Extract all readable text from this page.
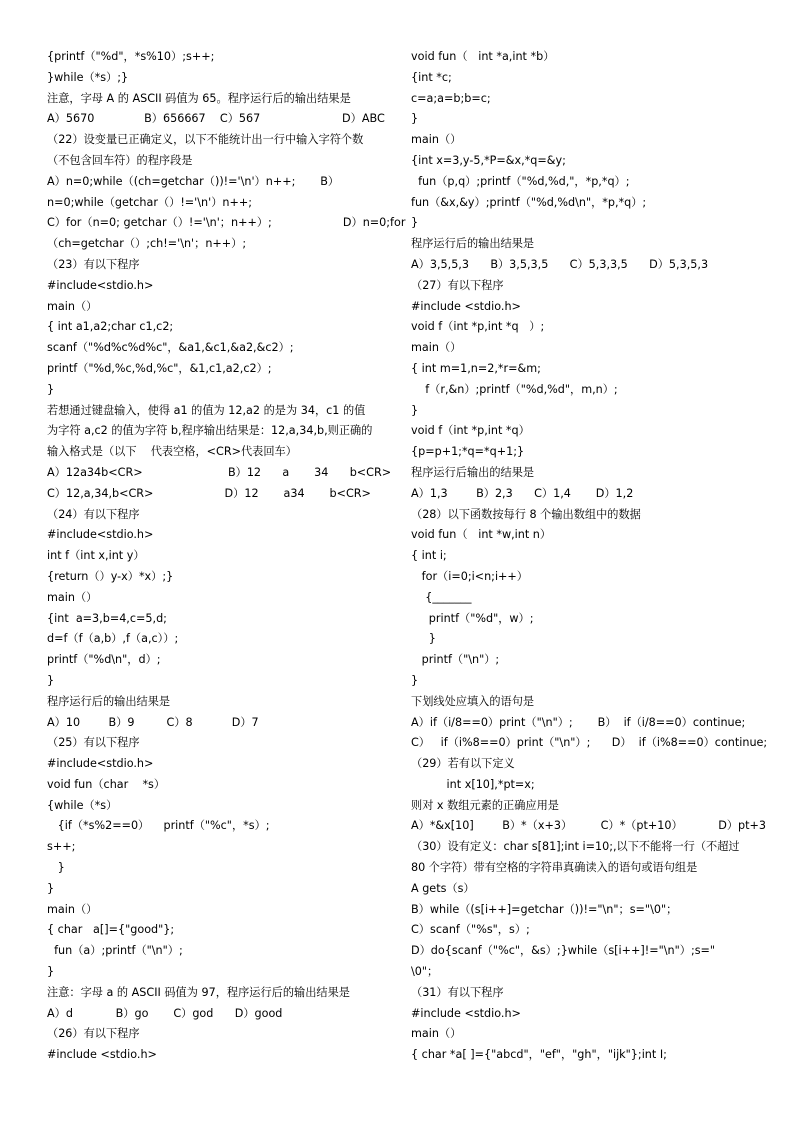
{printf（"%d"，*s%10）;s++;
}while（*s）;}
注意，字母 A 的 ASCII 码值为 65。程序运行后的输出结果是
A）5670              B）656667    C）567                       D）ABC
（22）设变量已正确定义，以下不能统计出一行中输入字符个数
（不包含回车符）的程序段是
A）n=0;while（(ch=getchar（))!='\n'）n++;       B）
n=0;while（getchar（）!='\n'）n++;
C）for（n=0; getchar（）!='\n'；n++）;                    D）n=0;for
（ch=getchar（）;ch!='\n'；n++）;
（23）有以下程序
#include<stdio.h>
main（）
{ int a1,a2;char c1,c2;
scanf（"%d%c%d%c"，&a1,&c1,&a2,&c2）;
printf（"%d,%c,%d,%c"，&1,c1,a2,c2）;
}
若想通过键盘输入，使得 a1 的值为 12,a2 的是为 34，c1 的值
为字符 a,c2 的值为字符 b,程序输出结果是：12,a,34,b,则正确的
输入格式是（以下    代表空格，<CR>代表回车）
A）12a34b<CR>                        B）12      a       34      b<CR>
C）12,a,34,b<CR>                    D）12       a34       b<CR>
（24）有以下程序
#include<stdio.h>
int f（int x,int y）
{return（）y-x）*x）;}
main（）
{int  a=3,b=4,c=5,d;
d=f（f（a,b）,f（a,c））;
printf（"%d\n"，d）;
}
程序运行后的输出结果是
A）10        B）9         C）8           D）7
（25）有以下程序
#include<stdio.h>
void fun（char    *s）
{while（*s）
{if（*s%2==0）    printf（"%c"，*s）;
s++;
}
}
main（）
{ char   a[]={"good"};
fun（a）;printf（"\n"）;
}
注意：字母 a 的 ASCII 码值为 97，程序运行后的输出结果是
A）d            B）go       C）god      D）good
（26）有以下程序
#include <stdio.h>
void fun（   int *a,int *b）
{int *c;
c=a;a=b;b=c;
}
main（）
{int x=3,y-5,*P=&x,*q=&y;
fun（p,q）;printf（"%d,%d,"，*p,*q）;
fun（&x,&y）;printf（"%d,%d\n"，*p,*q）;
}
程序运行后的输出结果是
A）3,5,5,3      B）3,5,3,5      C）5,3,3,5      D）5,3,5,3
（27）有以下程序
#include <stdio.h>
void f（int *p,int *q   ）;
main（）
{ int m=1,n=2,*r=&m;
f（r,&n）;printf（"%d,%d"，m,n）;
}
void f（int *p,int *q）
{p=p+1;*q=*q+1;}
程序运行后输出的结果是
A）1,3        B）2,3      C）1,4       D）1,2
（28）以下函数按每行 8 个输出数组中的数据
void fun（   int *w,int n）
{ int i;
for（i=0;i<n;i++）
{_______
printf（"%d"，w）;
}
printf（"\n"）;
}
下划线处应填入的语句是
A）if（i/8==0）print（"\n"）;       B）  if（i/8==0）continue;
C）   if（i%8==0）print（"\n"）;      D）  if（i%8==0）continue;
（29）若有以下定义
int x[10],*pt=x;
则对 x 数组元素的正确应用是
A）*&x[10]        B）*（x+3）        C）*（pt+10）          D）pt+3
（30）设有定义：char s[81];int i=10;,以下不能将一行（不超过
80 个字符）带有空格的字符串真确读入的语句或语句组是
A gets（s）
B）while（(s[i++]=getchar（))!="\n"；s="\0"；
C）scanf（"%s"，s）;
D）do{scanf（"%c"，&s）;}while（s[i++]!="\n"）;s="
\0"；
（31）有以下程序
#include <stdio.h>
main（）
{ char *a[ ]={"abcd"，"ef"，"gh"，"ijk"};int I;
